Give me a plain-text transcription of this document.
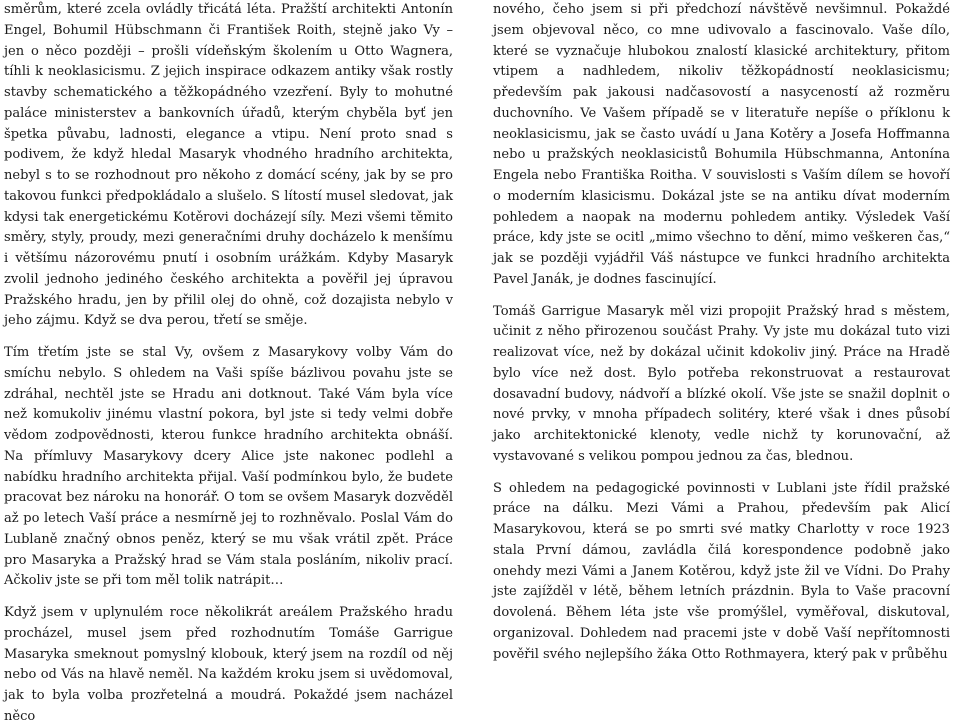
směrům, které zcela ovládly třicátá léta. Pražští architekti Antonín Engel, Bohumil Hübschmann či František Roith, stejně jako Vy – jen o něco později – prošli vídeňským školením u Otto Wagnera, tíhli k neoklasicismu. Z jejich inspirace odkazem antiky však rostly stavby schematického a těžkopádného vzezření. Byly to mohutné paláce ministerstev a bankovních úřadů, kterým chyběla byť jen špetka půvabu, ladnosti, elegance a vtipu. Není proto snad s podivem, že když hledal Masaryk vhodného hradního architekta, nebyl s to se rozhodnout pro někoho z domácí scény, jak by se pro takovou funkci předpokládalo a slušelo. S lítostí musel sledovat, jak kdysi tak energetickému Kotěrovi docházejí síly. Mezi všemi těmito směry, styly, proudy, mezi generačními druhy docházelo k menšímu i většímu názorovému pnutí i osobním urážkám. Kdyby Masaryk zvolil jednoho jediného českého architekta a pověřil jej úpravou Pražského hradu, jen by přilil olej do ohně, což dozajista nebylo v jeho zájmu. Když se dva perou, třetí se směje.

Tím třetím jste se stal Vy, ovšem z Masarykovy volby Vám do smíchu nebylo. S ohledem na Vaši spíše bázlivou povahu jste se zdráhal, nechtěl jste se Hradu ani dotknout. Také Vám byla více než komukoliv jinému vlastní pokora, byl jste si tedy velmi dobře vědom zodpovědnosti, kterou funkce hradního architekta obnáší. Na přímluvy Masarykovy dcery Alice jste nakonec podlehl a nabídku hradního architekta přijal. Vaší podmínkou bylo, že budete pracovat bez nároku na honorář. O tom se ovšem Masaryk dozvěděl až po letech Vaší práce a nesmírně jej to rozhněvalo. Poslal Vám do Lublaně značný obnos peněz, který se mu však vrátil zpět. Práce pro Masaryka a Pražský hrad se Vám stala posláním, nikoliv prací. Ačkoliv jste se při tom měl tolik natrápit…

Když jsem v uplynulém roce několikrát areálem Pražského hradu procházel, musel jsem před rozhodnutím Tomáše Garrigue Masaryka smeknout pomyslný klobouk, který jsem na rozdíl od něj nebo od Vás na hlavě neměl. Na každém kroku jsem si uvědomoval, jak to byla volba prozřetelná a moudrá. Pokaždé jsem nacházel něco

nového, čeho jsem si při předchozí návštěvě nevšimnul. Pokaždé jsem objevoval něco, co mne udivovalo a fascinovalo. Vaše dílo, které se vyznačuje hlubokou znalostí klasické architektury, přitom vtipem a nadhledem, nikoliv těžkopádností neoklasicismu; především pak jakousi nadčasovostí a nasyceností až rozměru duchovního. Ve Vašem případě se v literatuře nepíše o příklonu k neoklasicismu, jak se často uvádí u Jana Kotěry a Josefa Hoffmanna nebo u pražských neoklasicistů Bohumila Hübschmanna, Antonína Engela nebo Františka Roitha. V souvislosti s Vaším dílem se hovoří o moderním klasicismu. Dokázal jste se na antiku dívat moderním pohledem a naopak na modernu pohledem antiky. Výsledek Vaší práce, kdy jste se ocitl „mimo všechno to dění, mimo veškeren čas,“ jak se později vyjádřil Váš nástupce ve funkci hradního architekta Pavel Janák, je dodnes fascinující.

Tomáš Garrigue Masaryk měl vizi propojit Pražský hrad s městem, učinit z něho přirozenou součást Prahy. Vy jste mu dokázal tuto vizi realizovat více, než by dokázal učinit kdokoliv jiný. Práce na Hradě bylo více než dost. Bylo potřeba rekonstruovat a restaurovat dosavadní budovy, nádvoří a blízké okolí. Vše jste se snažil doplnit o nové prvky, v mnoha případech solitéry, které však i dnes působí jako architektonické klenoty, vedle nichž ty korunovační, až vystavované s velikou pompou jednou za čas, blednou.

S ohledem na pedagogické povinnosti v Lublani jste řídil pražské práce na dálku. Mezi Vámi a Prahou, především pak Alicí Masarykovou, která se po smrti své matky Charlotty v roce 1923 stala První dámou, zavládla čilá korespondence podobně jako onehdy mezi Vámi a Janem Kotěrou, když jste žil ve Vídni. Do Prahy jste zajížděl v létě, během letních prázdnin. Byla to Vaše pracovní dovolená. Během léta jste vše promýšlel, vyměřoval, diskutoval, organizoval. Dohledem nad pracemi jste v době Vaší nepřítomnosti pověřil svého nejlepšího žáka Otto Rothmayera, který pak v průběhu
